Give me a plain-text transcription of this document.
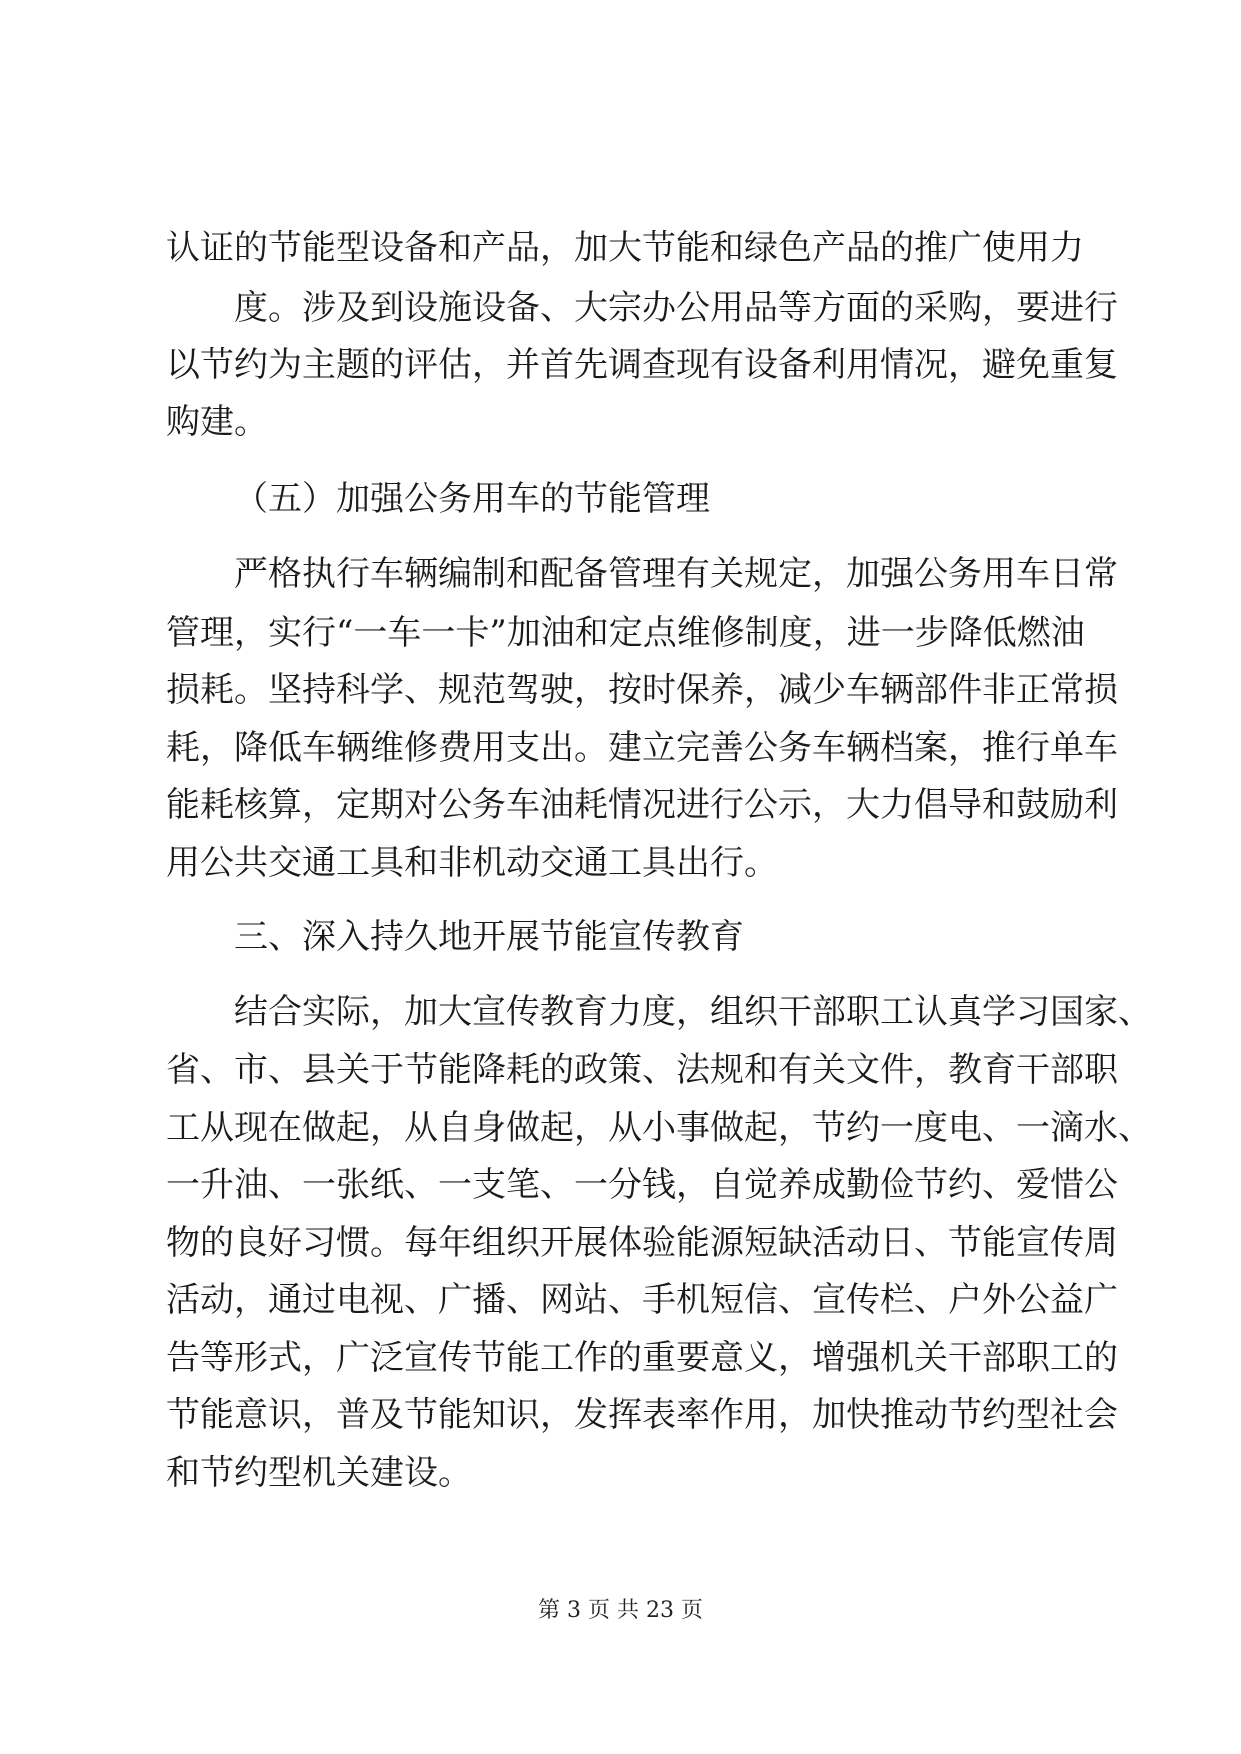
认证的节能型设备和产品，加大节能和绿色产品的推广使用力
度。涉及到设施设备、大宗办公用品等方面的采购，要进行
以节约为主题的评估，并首先调查现有设备利用情况，避免重复
购建。
（五）加强公务用车的节能管理
严格执行车辆编制和配备管理有关规定，加强公务用车日常
管理，实行“一车一卡”加油和定点维修制度，进一步降低燃油
损耗。坚持科学、规范驾驶，按时保养，减少车辆部件非正常损
耗，降低车辆维修费用支出。建立完善公务车辆档案，推行单车
能耗核算，定期对公务车油耗情况进行公示，大力倡导和鼓励利
用公共交通工具和非机动交通工具出行。
三、深入持久地开展节能宣传教育
结合实际，加大宣传教育力度，组织干部职工认真学习国家、
省、市、县关于节能降耗的政策、法规和有关文件，教育干部职
工从现在做起，从自身做起，从小事做起，节约一度电、一滴水、
一升油、一张纸、一支笔、一分钱，自觉养成勤俭节约、爱惜公
物的良好习惯。每年组织开展体验能源短缺活动日、节能宣传周
活动，通过电视、广播、网站、手机短信、宣传栏、户外公益广
告等形式，广泛宣传节能工作的重要意义，增强机关干部职工的
节能意识，普及节能知识，发挥表率作用，加快推动节约型社会
和节约型机关建设。
第 3 页 共 23 页
